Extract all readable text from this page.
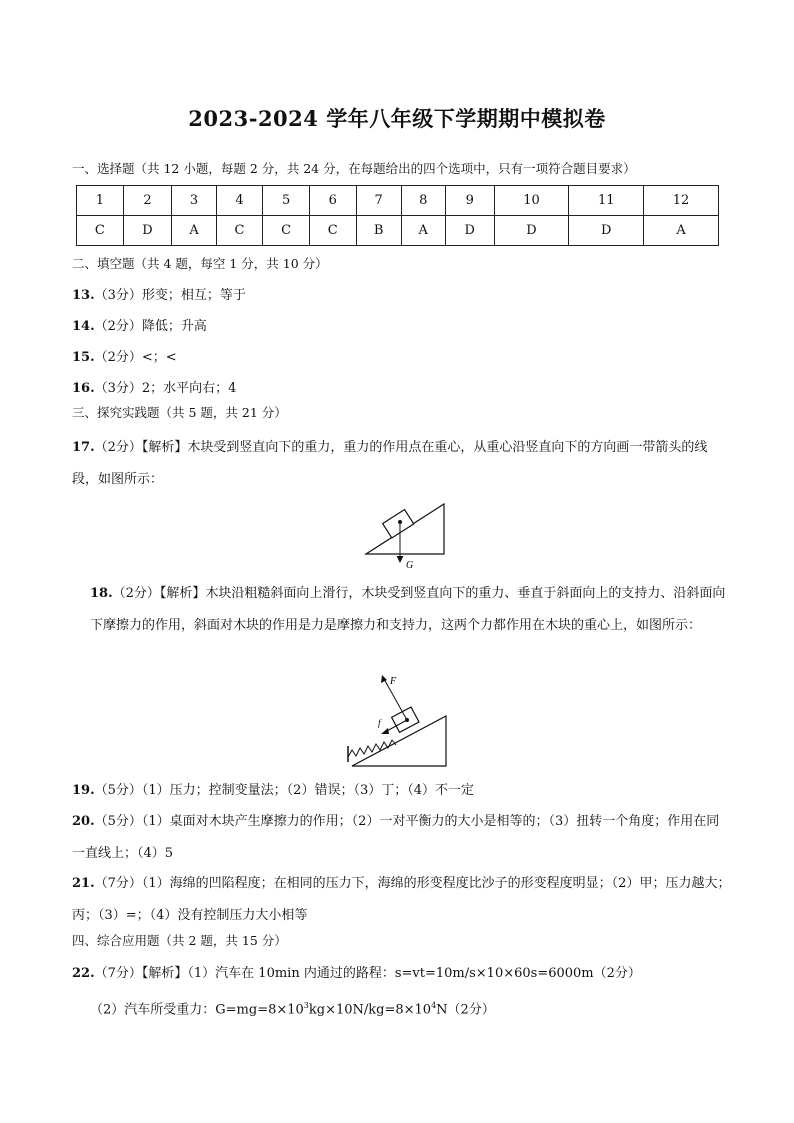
2023-2024 学年八年级下学期期中模拟卷
一、选择题（共 12 小题，每题 2 分，共 24 分，在每题给出的四个选项中，只有一项符合题目要求）
1	2	3	4	5	6	7	8	9	10	11	12
C	D	A	C	C	C	B	A	D	D	D	A
二、填空题（共 4 题，每空 1 分，共 10 分）
13.（3分）形变；相互；等于
14.（2分）降低；升高
15.（2分）<；<
16.（3分）2；水平向右；4
三、探究实践题（共 5 题，共 21 分）
17.（2分）【解析】木块受到竖直向下的重力，重力的作用点在重心，从重心沿竖直向下的方向画一带箭头的线段，如图所示：
G
18.（2分）【解析】木块沿粗糙斜面向上滑行，木块受到竖直向下的重力、垂直于斜面向上的支持力、沿斜面向下摩擦力的作用，斜面对木块的作用是力是摩擦力和支持力，这两个力都作用在木块的重心上，如图所示：
F
f
19.（5分）（1）压力；控制变量法；（2）错误；（3）丁；（4）不一定
20.（5分）（1）桌面对木块产生摩擦力的作用；（2）一对平衡力的大小是相等的；（3）扭转一个角度；作用在同一直线上；（4）5
21.（7分）（1）海绵的凹陷程度；在相同的压力下，海绵的形变程度比沙子的形变程度明显；（2）甲；压力越大；丙；（3）=；（4）没有控制压力大小相等
四、综合应用题（共 2 题，共 15 分）
22.（7分）【解析】（1）汽车在 10min 内通过的路程：s=vt=10m/s×10×60s=6000m（2分）
（2）汽车所受重力：$G=mg=8\times 10^3kg\times 10N/kg=8\times 10^4N(2$分）
